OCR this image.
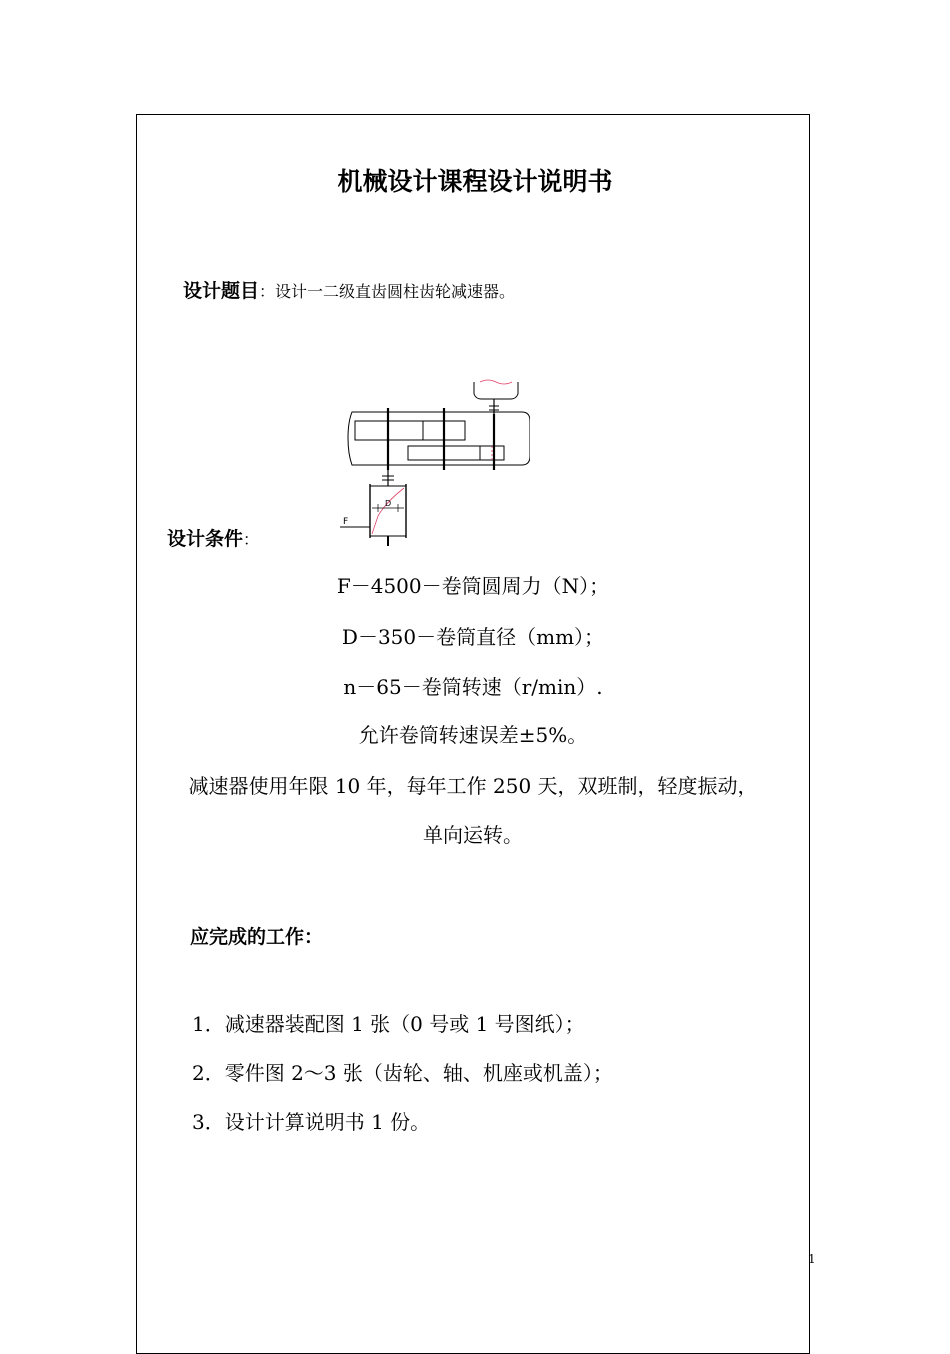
机械设计课程设计说明书
设计题目：设计一二级直齿圆柱齿轮减速器。
D
F
设计条件：
F－4500－卷筒圆周力（N）；
D－350－卷筒直径（mm）；
n－65－卷筒转速（r/min）.
允许卷筒转速误差±5%。
减速器使用年限 10 年，每年工作 250 天，双班制，轻度振动，
单向运转。
应完成的工作：
1．减速器装配图 1 张（0 号或 1 号图纸）；
2．零件图 2～3 张（齿轮、轴、机座或机盖）；
3．设计计算说明书 1 份。
1
